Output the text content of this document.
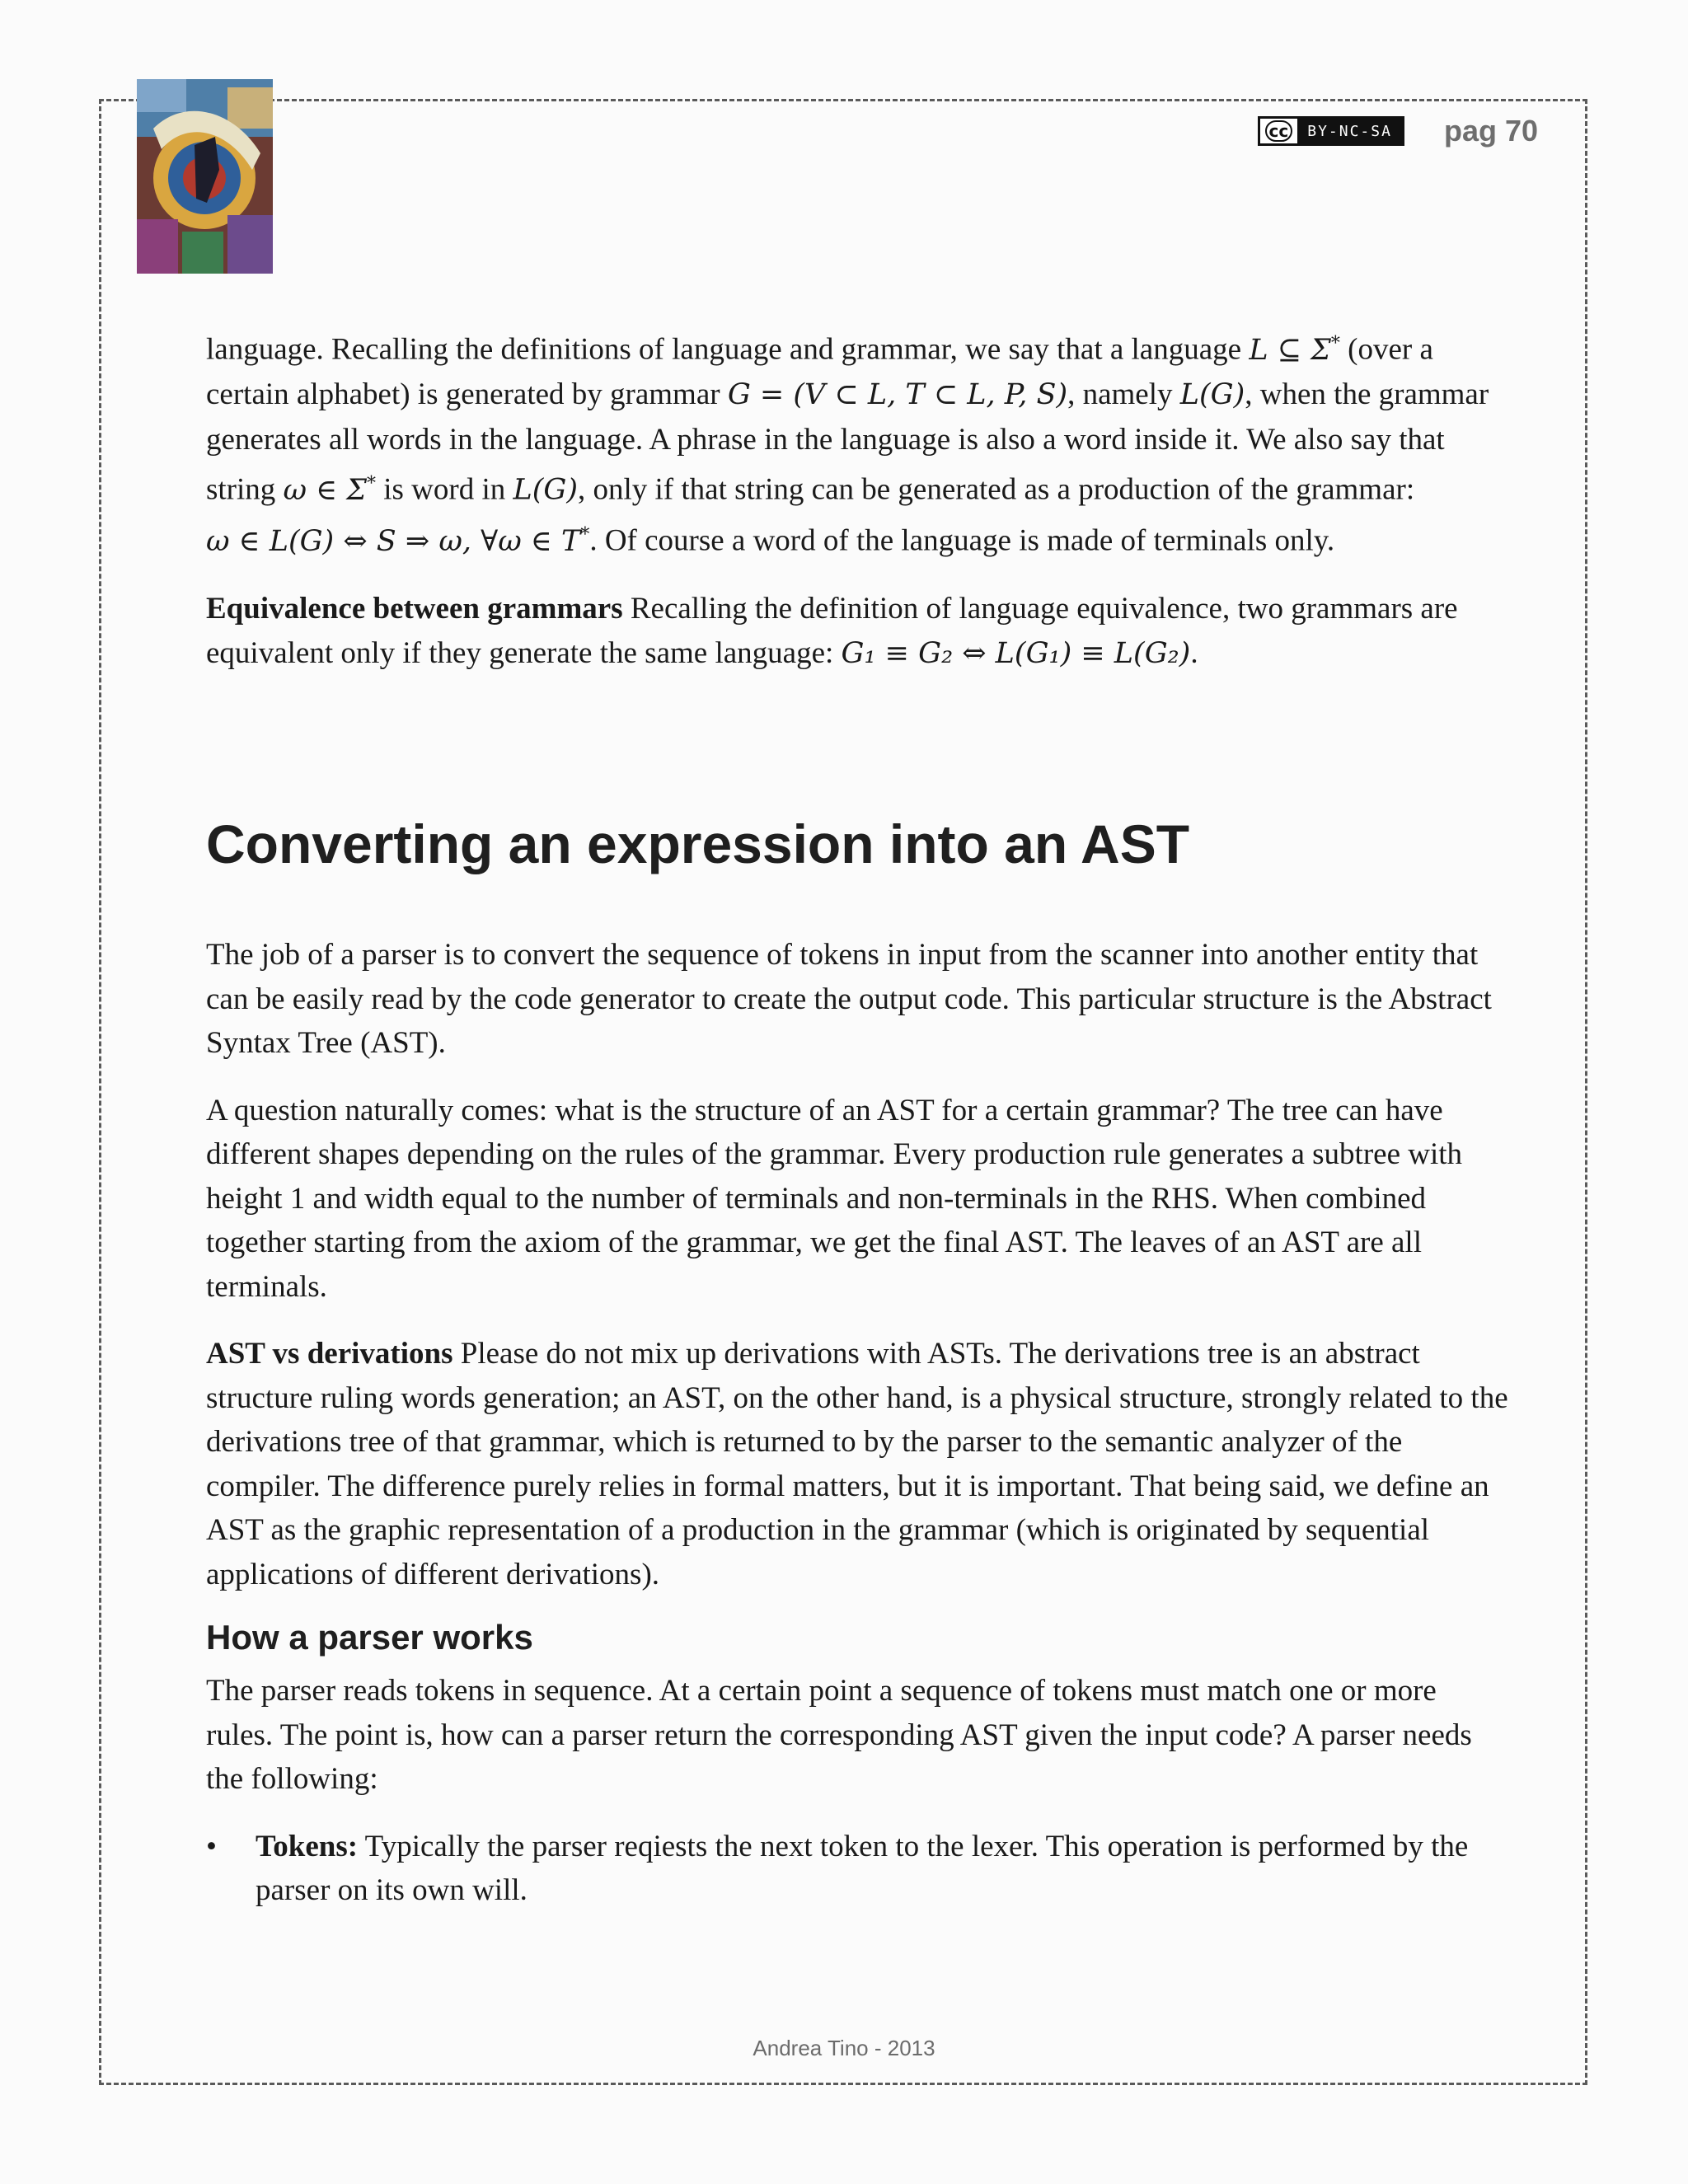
cc	BY-NC-SA	pag 70

language. Recalling the definitions of language and grammar, we say that a language L ⊆ Σ* (over a certain alphabet) is generated by grammar G = (V ⊂ L, T ⊂ L, P, S), namely L(G), when the grammar generates all words in the language. A phrase in the language is also a word inside it. We also say that string ω ∈ Σ* is word in L(G), only if that string can be generated as a production of the grammar: ω ∈ L(G) ⇔ S ⇒ ω, ∀ω ∈ T*. Of course a word of the language is made of terminals only.

Equivalence between grammars Recalling the definition of language equivalence, two grammars are equivalent only if they generate the same language: G₁ ≡ G₂ ⇔ L(G₁) ≡ L(G₂).

Converting an expression into an AST

The job of a parser is to convert the sequence of tokens in input from the scanner into another entity that can be easily read by the code generator to create the output code. This particular structure is the Abstract Syntax Tree (AST).

A question naturally comes: what is the structure of an AST for a certain grammar? The tree can have different shapes depending on the rules of the grammar. Every production rule generates a subtree with height 1 and width equal to the number of terminals and non-terminals in the RHS. When combined together starting from the axiom of the grammar, we get the final AST. The leaves of an AST are all terminals.

AST vs derivations Please do not mix up derivations with ASTs. The derivations tree is an abstract structure ruling words generation; an AST, on the other hand, is a physical structure, strongly related to the derivations tree of that grammar, which is returned to by the parser to the semantic analyzer of the compiler. The difference purely relies in formal matters, but it is important. That being said, we define an AST as the graphic representation of a production in the grammar (which is originated by sequential applications of different derivations).

How a parser works

The parser reads tokens in sequence. At a certain point a sequence of tokens must match one or more rules. The point is, how can a parser return the corresponding AST given the input code? A parser needs the following:

•	Tokens: Typically the parser reqiests the next token to the lexer. This operation is performed by the parser on its own will.
Andrea Tino - 2013
